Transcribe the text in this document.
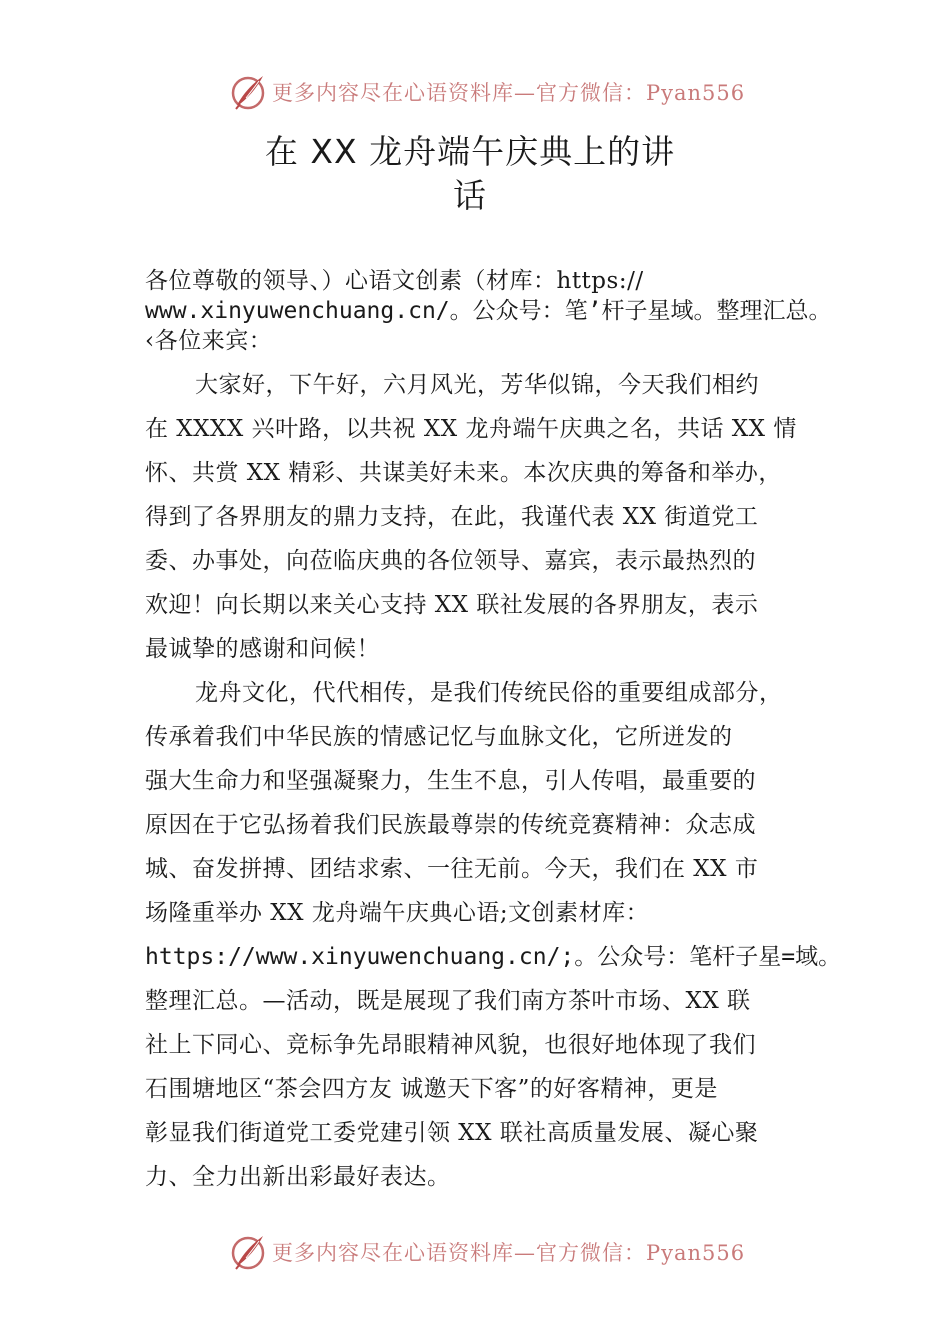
更多内容尽在心语资料库—官方微信：Pyan556
在 XX 龙舟端午庆典上的讲
话
各位尊敬的领导、）心语文创素（材库：https://
www.xinyuwenchuang.cn/。公众号：笔’杆子星域。整理汇总。
‹各位来宾：
大家好，下午好，六月风光，芳华似锦，今天我们相约
在 XXXX 兴叶路，以共祝 XX 龙舟端午庆典之名，共话 XX 情
怀、共赏 XX 精彩、共谋美好未来。本次庆典的筹备和举办，
得到了各界朋友的鼎力支持，在此，我谨代表 XX 街道党工
委、办事处，向莅临庆典的各位领导、嘉宾，表示最热烈的
欢迎！向长期以来关心支持 XX 联社发展的各界朋友，表示
最诚挚的感谢和问候！
龙舟文化，代代相传，是我们传统民俗的重要组成部分，
传承着我们中华民族的情感记忆与血脉文化，它所迸发的
强大生命力和坚强凝聚力，生生不息，引人传唱，最重要的
原因在于它弘扬着我们民族最尊崇的传统竞赛精神：众志成
城、奋发拼搏、团结求索、一往无前。今天，我们在 XX 市
场隆重举办 XX 龙舟端午庆典心语;文创素材库：
https://www.xinyuwenchuang.cn/;。公众号：笔杆子星=域。
整理汇总。—活动，既是展现了我们南方茶叶市场、XX 联
社上下同心、竞标争先昂眼精神风貌，也很好地体现了我们
石围塘地区“茶会四方友 诚邀天下客”的好客精神，更是
彰显我们街道党工委党建引领 XX 联社高质量发展、凝心聚
力、全力出新出彩最好表达。
更多内容尽在心语资料库—官方微信：Pyan556
